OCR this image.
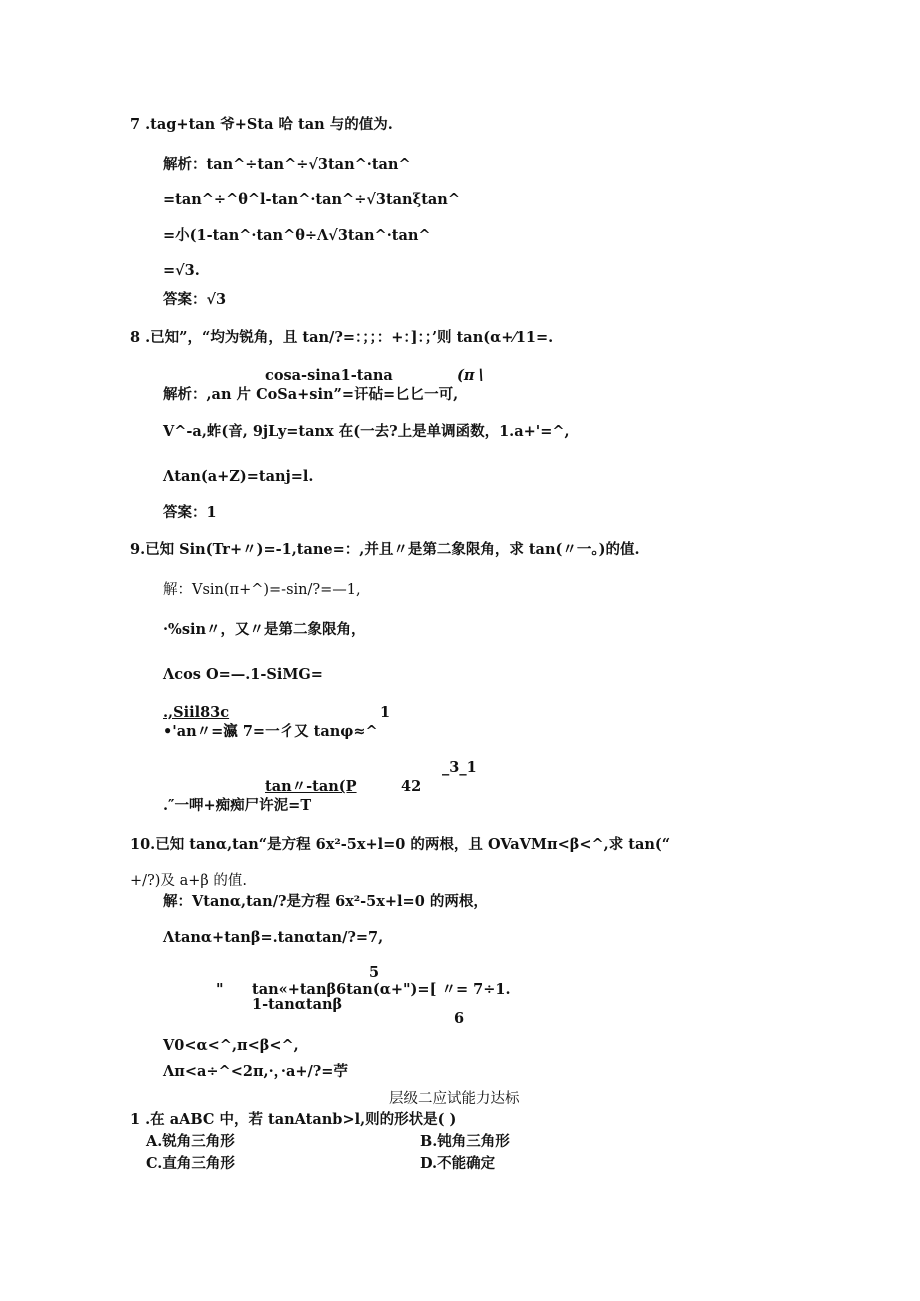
7 .tag+tan 爷+Sta 哈 tan 与的值为.
解析：tan^÷tan^÷√3tan^·tan^
=tan^÷^θ^l-tan^·tan^÷√3tanξtan^
=小(1-tan^·tan^θ÷Λ√3tan^·tan^
=√3.
答案：√3
8 .已知”，“均为锐角，且 tan/?=：；；：+：]：；’则 tan(α+⁄11=.
cosa-sina1-tana	(π∖
解析：,an 片 CoSa+sin”=讦砧=匕匕一可,
V^-a,蚱(音, 9jLy=tanx 在(一去?上是单调函数，1.a+'=^,
Λtan(a+Z)=tanj=l.
答案：1
9.已知 Sin(Tr+〃)=-1,tane=：,并且〃是第二象限角，求 tan(〃一。)的值.
解：Vsin(π+^)=-sin/?=—1,
·%sin〃，又〃是第二象限角，
Λcos O=—.1-SiMG=
.,Siil83c	1
•'an〃=瀛 7=一彳又 tanφ≈^
_3_1
tan〃-tan(P	42
.″一呷+痴痴尸许泥=T
10.已知 tanα,tan“是方程 6x²-5x+l=0 的两根，且 OVaVMπ<β<^,求 tan(“
+/?)及 a+β 的值.
解：Vtanα,tan/?是方程 6x²-5x+l=0 的两根，
Λtanα+tanβ=.tanαtan/?=7,
5
" tan«+tanβ6tan(α+")=[ 〃= 7÷1.
1-tanαtanβ
6
V0<α<^,π<β<^,
Λπ<a÷^<2π,·，·a+/?=苧
层级二应试能力达标
1 .在 aABC 中，若 tanAtanb>l,则的形状是( )
A.锐角三角形	B.钝角三角形
C.直角三角形	D.不能确定
